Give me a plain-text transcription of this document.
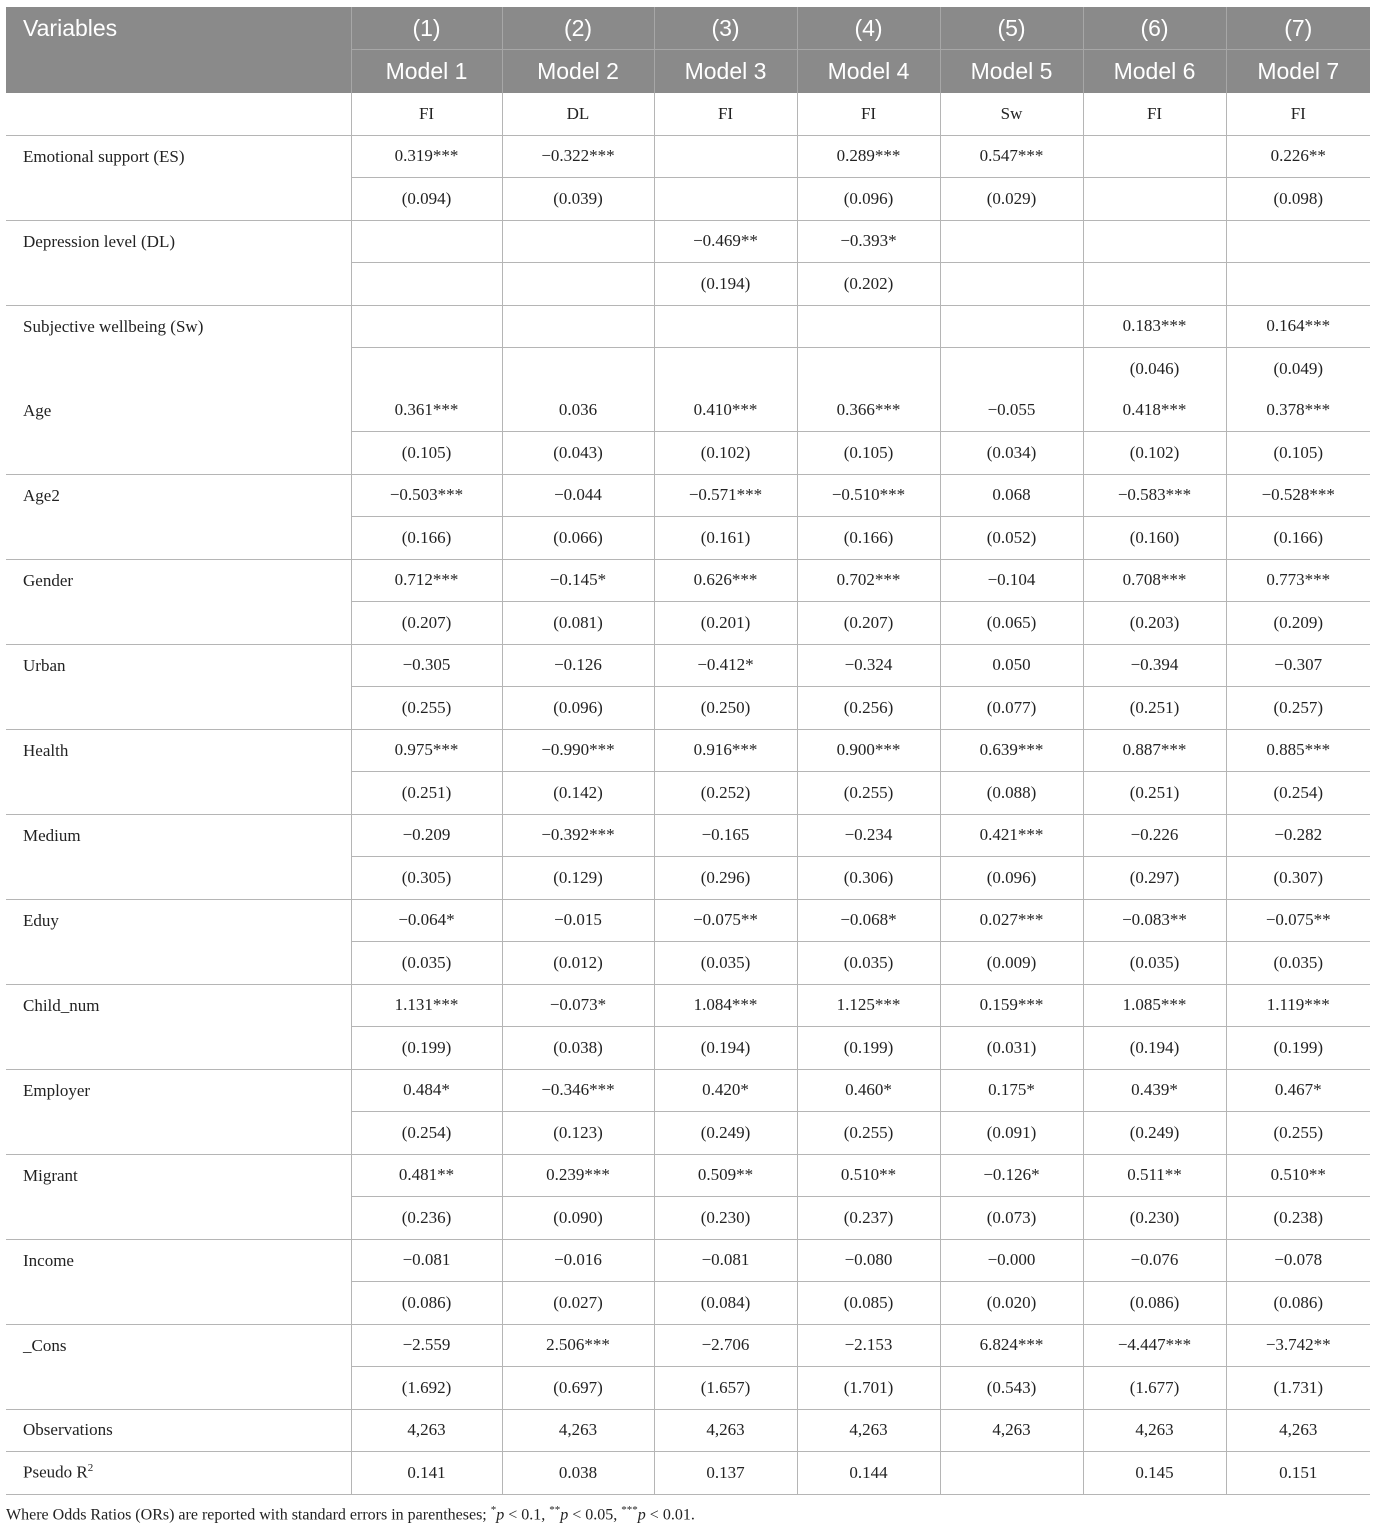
Variables	(1)	(2)	(3)	(4)	(5)	(6)	(7)
	Model 1	Model 2	Model 3	Model 4	Model 5	Model 6	Model 7
	FI	DL	FI	FI	Sw	FI	FI
Emotional support (ES)	0.319***	−0.322***		0.289***	0.547***		0.226**
	(0.094)	(0.039)		(0.096)	(0.029)		(0.098)
Depression level (DL)			−0.469**	−0.393*			
			(0.194)	(0.202)			
Subjective wellbeing (Sw)						0.183***	0.164***
						(0.046)	(0.049)
Age	0.361***	0.036	0.410***	0.366***	−0.055	0.418***	0.378***
	(0.105)	(0.043)	(0.102)	(0.105)	(0.034)	(0.102)	(0.105)
Age2	−0.503***	−0.044	−0.571***	−0.510***	0.068	−0.583***	−0.528***
	(0.166)	(0.066)	(0.161)	(0.166)	(0.052)	(0.160)	(0.166)
Gender	0.712***	−0.145*	0.626***	0.702***	−0.104	0.708***	0.773***
	(0.207)	(0.081)	(0.201)	(0.207)	(0.065)	(0.203)	(0.209)
Urban	−0.305	−0.126	−0.412*	−0.324	0.050	−0.394	−0.307
	(0.255)	(0.096)	(0.250)	(0.256)	(0.077)	(0.251)	(0.257)
Health	0.975***	−0.990***	0.916***	0.900***	0.639***	0.887***	0.885***
	(0.251)	(0.142)	(0.252)	(0.255)	(0.088)	(0.251)	(0.254)
Medium	−0.209	−0.392***	−0.165	−0.234	0.421***	−0.226	−0.282
	(0.305)	(0.129)	(0.296)	(0.306)	(0.096)	(0.297)	(0.307)
Eduy	−0.064*	−0.015	−0.075**	−0.068*	0.027***	−0.083**	−0.075**
	(0.035)	(0.012)	(0.035)	(0.035)	(0.009)	(0.035)	(0.035)
Child_num	1.131***	−0.073*	1.084***	1.125***	0.159***	1.085***	1.119***
	(0.199)	(0.038)	(0.194)	(0.199)	(0.031)	(0.194)	(0.199)
Employer	0.484*	−0.346***	0.420*	0.460*	0.175*	0.439*	0.467*
	(0.254)	(0.123)	(0.249)	(0.255)	(0.091)	(0.249)	(0.255)
Migrant	0.481**	0.239***	0.509**	0.510**	−0.126*	0.511**	0.510**
	(0.236)	(0.090)	(0.230)	(0.237)	(0.073)	(0.230)	(0.238)
Income	−0.081	−0.016	−0.081	−0.080	−0.000	−0.076	−0.078
	(0.086)	(0.027)	(0.084)	(0.085)	(0.020)	(0.086)	(0.086)
_Cons	−2.559	2.506***	−2.706	−2.153	6.824***	−4.447***	−3.742**
	(1.692)	(0.697)	(1.657)	(1.701)	(0.543)	(1.677)	(1.731)
Observations	4,263	4,263	4,263	4,263	4,263	4,263	4,263
Pseudo $R^2$	0.141	0.038	0.137	0.144		0.145	0.151
Where Odds Ratios (ORs) are reported with standard errors in parentheses; *p < 0.1, **p < 0.05, ***p < 0.01.
